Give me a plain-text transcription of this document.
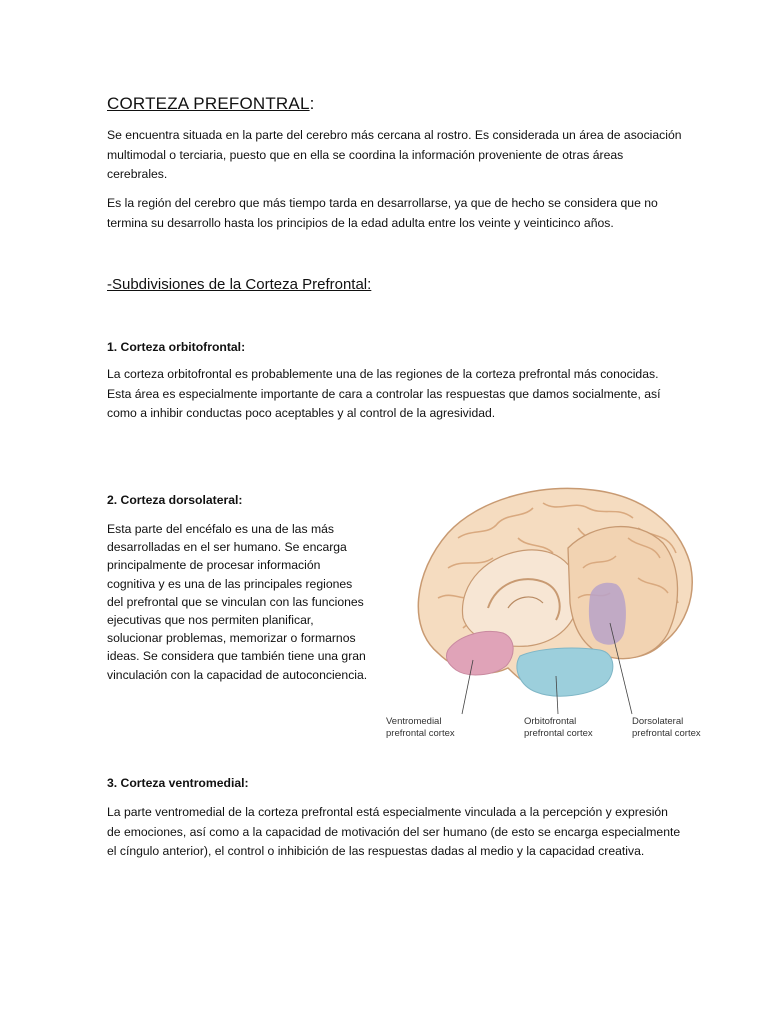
CORTEZA PREFONTRAL:
Se encuentra situada en la parte del cerebro más cercana al rostro. Es considerada un área de asociación multimodal o terciaria, puesto que en ella se coordina la información proveniente de otras áreas cerebrales.
Es la región del cerebro que más tiempo tarda en desarrollarse, ya que de hecho se considera que no termina su desarrollo hasta los principios de la edad adulta entre los veinte y veinticinco años.
-Subdivisiones de la Corteza Prefrontal:
1. Corteza orbitofrontal:
La corteza orbitofrontal es probablemente una de las regiones de la corteza prefrontal más conocidas. Esta área es especialmente importante de cara a controlar las respuestas que damos socialmente, así como a inhibir conductas poco aceptables y al control de la agresividad.
2. Corteza dorsolateral:
Esta parte del encéfalo es una de las más desarrolladas en el ser humano. Se encarga principalmente de procesar información cognitiva y es una de las principales regiones del prefrontal que se vinculan con las funciones ejecutivas que nos permiten planificar, solucionar problemas, memorizar o formarnos ideas. Se considera que también tiene una gran vinculación con la capacidad de autoconciencia.
Ventromedial
prefrontal cortex
Orbitofrontal
prefrontal cortex
Dorsolateral
prefrontal cortex
3. Corteza ventromedial:
La parte ventromedial de la corteza prefrontal está especialmente vinculada a la percepción y expresión de emociones, así como a la capacidad de motivación del ser humano (de esto se encarga especialmente el cíngulo anterior), el control o inhibición de las respuestas dadas al medio y la capacidad creativa.
